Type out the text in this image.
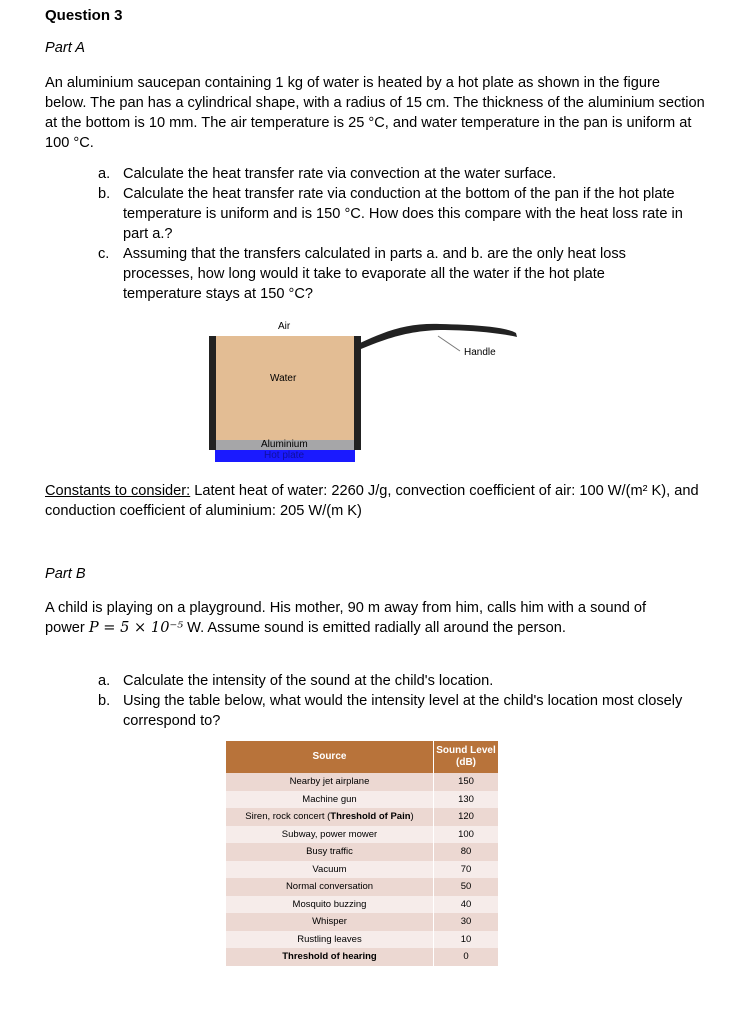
Question 3
Part A
An aluminium saucepan containing 1 kg of water is heated by a hot plate as shown in the figure below. The pan has a cylindrical shape, with a radius of 15 cm. The thickness of the aluminium section at the bottom is 10 mm. The air temperature is 25 °C, and water temperature in the pan is uniform at 100 °C.
a. Calculate the heat transfer rate via convection at the water surface.
b. Calculate the heat transfer rate via conduction at the bottom of the pan if the hot plate temperature is uniform and is 150 °C. How does this compare with the heat loss rate in part a.?
c. Assuming that the transfers calculated in parts a. and b. are the only heat loss processes, how long would it take to evaporate all the water if the hot plate temperature stays at 150 °C?
Air
Water
Handle
Aluminium
Hot plate
Constants to consider: Latent heat of water: 2260 J/g, convection coefficient of air: 100 W/(m² K), and conduction coefficient of aluminium: 205 W/(m K)
Part B
A child is playing on a playground. His mother, 90 m away from him, calls him with a sound of power P = 5 × 10⁻⁵ W. Assume sound is emitted radially all around the person.
a. Calculate the intensity of the sound at the child's location.
b. Using the table below, what would the intensity level at the child's location most closely correspond to?
Source	Sound Level (dB)
Nearby jet airplane	150
Machine gun	130
Siren, rock concert (Threshold of Pain)	120
Subway, power mower	100
Busy traffic	80
Vacuum	70
Normal conversation	50
Mosquito buzzing	40
Whisper	30
Rustling leaves	10
Threshold of hearing	0
